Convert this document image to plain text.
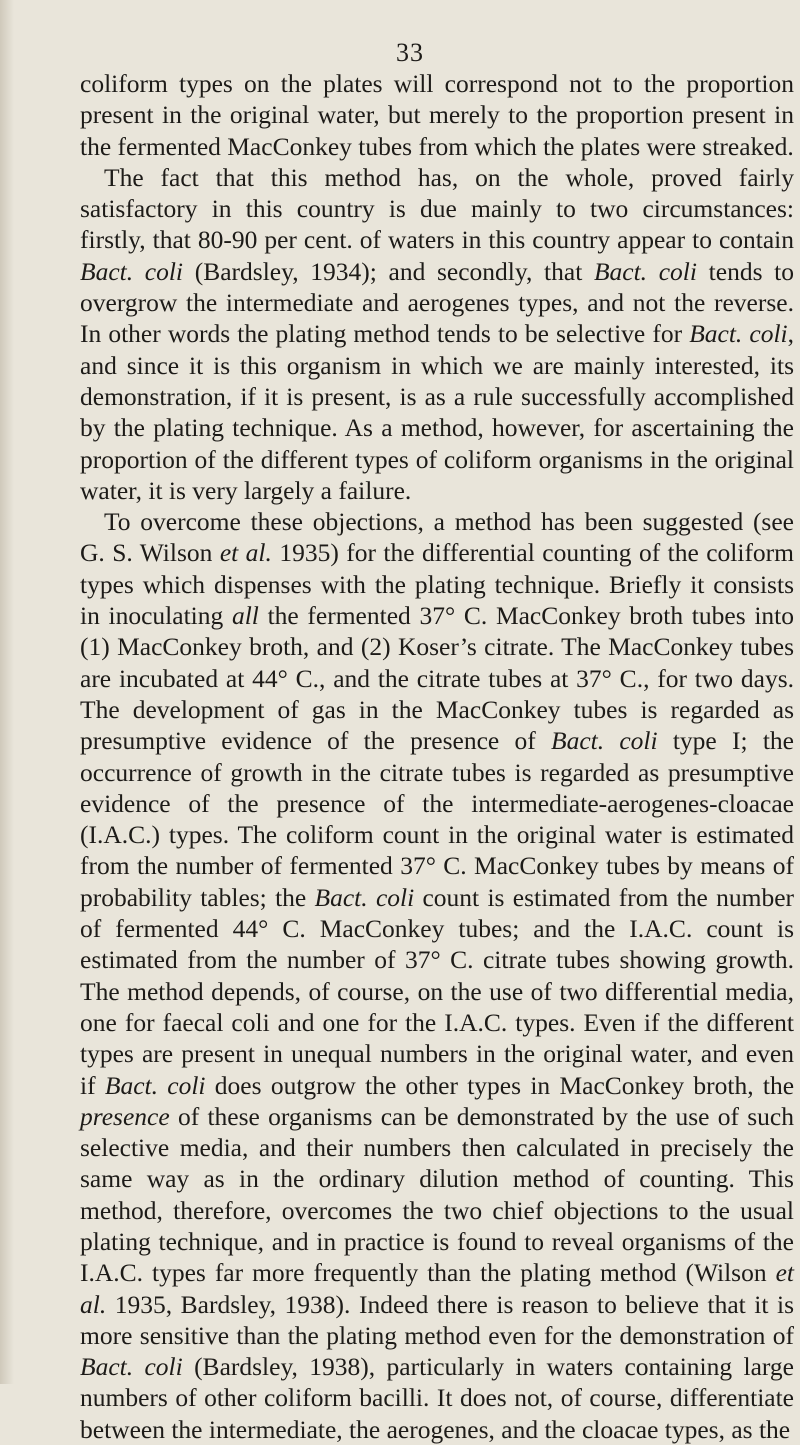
33

coliform types on the plates will correspond not to the proportion present in the original water, but merely to the proportion present in the fermented MacConkey tubes from which the plates were streaked.

The fact that this method has, on the whole, proved fairly satisfactory in this country is due mainly to two circumstances: firstly, that 80-90 per cent. of waters in this country appear to contain Bact. coli (Bardsley, 1934); and secondly, that Bact. coli tends to overgrow the intermediate and aerogenes types, and not the reverse. In other words the plating method tends to be selective for Bact. coli, and since it is this organism in which we are mainly interested, its demonstration, if it is present, is as a rule successfully accomplished by the plating technique. As a method, however, for ascertaining the proportion of the different types of coliform organisms in the original water, it is very largely a failure.

To overcome these objections, a method has been suggested (see G. S. Wilson et al. 1935) for the differential counting of the coliform types which dispenses with the plating technique. Briefly it consists in inoculating all the fermented 37° C. MacConkey broth tubes into (1) MacConkey broth, and (2) Koser’s citrate. The MacConkey tubes are incubated at 44° C., and the citrate tubes at 37° C., for two days. The development of gas in the MacConkey tubes is regarded as presumptive evidence of the presence of Bact. coli type I; the occurrence of growth in the citrate tubes is regarded as presumptive evidence of the presence of the intermediate-aerogenes-cloacae (I.A.C.) types. The coliform count in the original water is estimated from the number of fermented 37° C. MacConkey tubes by means of probability tables; the Bact. coli count is estimated from the number of fermented 44° C. MacConkey tubes; and the I.A.C. count is estimated from the number of 37° C. citrate tubes showing growth. The method depends, of course, on the use of two differential media, one for faecal coli and one for the I.A.C. types. Even if the different types are present in unequal numbers in the original water, and even if Bact. coli does outgrow the other types in MacConkey broth, the presence of these organisms can be demonstrated by the use of such selective media, and their numbers then calculated in precisely the same way as in the ordinary dilution method of counting. This method, therefore, overcomes the two chief objections to the usual plating technique, and in practice is found to reveal organisms of the I.A.C. types far more frequently than the plating method (Wilson et al. 1935, Bardsley, 1938). Indeed there is reason to believe that it is more sensitive than the plating method even for the demonstration of Bact. coli (Bardsley, 1938), particularly in waters containing large numbers of other coliform bacilli. It does not, of course, differentiate between the intermediate, the aerogenes, and the cloacae types, as the
